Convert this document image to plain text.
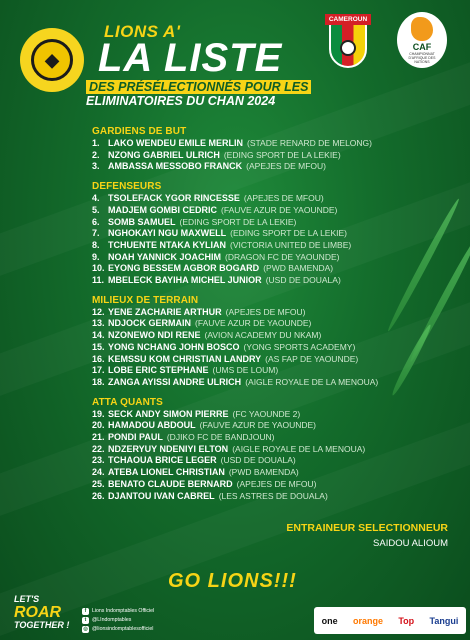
◆
LIONS A'
LA LISTE
DES PRÉSÉLECTIONNÉS POUR LES
ELIMINATOIRES DU CHAN 2024
CAMEROUN
CAF
CHAMPIONNAT D'AFRIQUE DES NATIONS
GARDIENS DE BUT
1. LAKO WENDEU EMILE MERLIN (STADE RENARD DE MELONG)
2. NZONG GABRIEL ULRICH (EDING SPORT DE LA LEKIE)
3. AMBASSA MESSOBO FRANCK (APEJES DE MFOU)
DEFENSEURS
4. TSOLEFACK YGOR RINCESSE (APEJES DE MFOU)
5. MADJEM GOMBI CEDRIC (FAUVE AZUR DE YAOUNDE)
6. SOMB SAMUEL (EDING SPORT DE LA LEKIE)
7. NGHOKAYI NGU MAXWELL (EDING SPORT DE LA LEKIE)
8. TCHUENTE NTAKA KYLIAN (VICTORIA UNITED DE LIMBE)
9. NOAH YANNICK JOACHIM (DRAGON FC DE YAOUNDE)
10. EYONG BESSEM AGBOR BOGARD (PWD BAMENDA)
11. MBELECK BAYIHA MICHEL JUNIOR (USD DE DOUALA)
MILIEUX DE TERRAIN
12. YENE ZACHARIE ARTHUR (APEJES DE MFOU)
13. NDJOCK GERMAIN (FAUVE AZUR DE YAOUNDE)
14. NZONEWO NDI RENE (AVION ACADEMY DU NKAM)
15. YONG NCHANG JOHN BOSCO (YONG SPORTS ACADEMY)
16. KEMSSU KOM CHRISTIAN LANDRY (AS FAP DE YAOUNDE)
17. LOBE ERIC STEPHANE (UMS DE LOUM)
18. ZANGA AYISSI ANDRE ULRICH (AIGLE ROYALE DE LA MENOUA)
ATTA QUANTS
19. SECK ANDY SIMON PIERRE (FC YAOUNDE 2)
20. HAMADOU ABDOUL (FAUVE AZUR DE YAOUNDE)
21. PONDI PAUL (DJIKO FC DE BANDJOUN)
22. NDZERYUY NDENIYI ELTON (AIGLE ROYALE DE LA MENOUA)
23. TCHAOUA BRICE LEGER (USD DE DOUALA)
24. ATEBA LIONEL CHRISTIAN (PWD BAMENDA)
25. BENATO CLAUDE BERNARD (APEJES DE MFOU)
26. DJANTOU IVAN CABREL (LES ASTRES DE DOUALA)
ENTRAINEUR SELECTIONNEUR
SAIDOU ALIOUM
GO LIONS!!!
LET'S
ROAR
TOGETHER !
f	Lions Indomptables Officiel
t	@LIndomptables
◎ @lionsindomptablesofficiel
one orange Top Tangui
